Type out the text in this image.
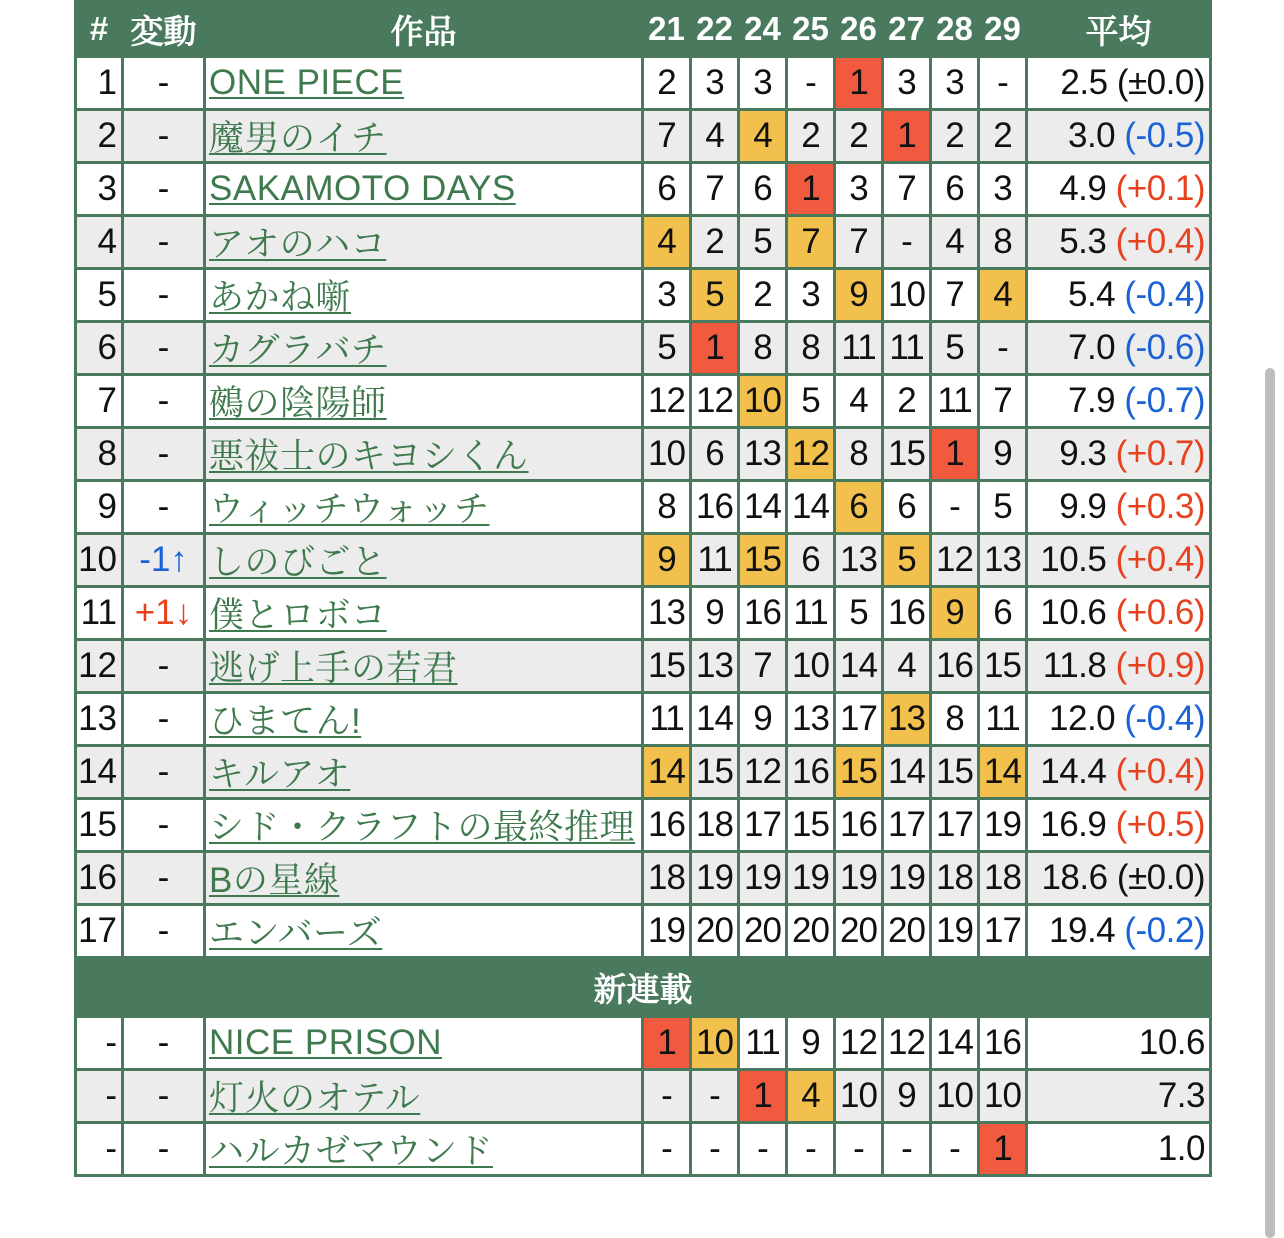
#	変動	作品	21	22	24	25	26	27	28	29	平均
1	-	ONE PIECE	2	3	3	-	1	3	3	-	2.5 (±0.0)
2	-	魔男のイチ	7	4	4	2	2	1	2	2	3.0 (-0.5)
3	-	SAKAMOTO DAYS	6	7	6	1	3	7	6	3	4.9 (+0.1)
4	-	アオのハコ	4	2	5	7	7	-	4	8	5.3 (+0.4)
5	-	あかね噺	3	5	2	3	9	10	7	4	5.4 (-0.4)
6	-	カグラバチ	5	1	8	8	11	11	5	-	7.0 (-0.6)
7	-	鵺の陰陽師	12	12	10	5	4	2	11	7	7.9 (-0.7)
8	-	悪祓士のキヨシくん	10	6	13	12	8	15	1	9	9.3 (+0.7)
9	-	ウィッチウォッチ	8	16	14	14	6	6	-	5	9.9 (+0.3)
10	-1↑	しのびごと	9	11	15	6	13	5	12	13	10.5 (+0.4)
11	+1↓	僕とロボコ	13	9	16	11	5	16	9	6	10.6 (+0.6)
12	-	逃げ上手の若君	15	13	7	10	14	4	16	15	11.8 (+0.9)
13	-	ひまてん!	11	14	9	13	17	13	8	11	12.0 (-0.4)
14	-	キルアオ	14	15	12	16	15	14	15	14	14.4 (+0.4)
15	-	シド・クラフトの最終推理	16	18	17	15	16	17	17	19	16.9 (+0.5)
16	-	Bの星線	18	19	19	19	19	19	18	18	18.6 (±0.0)
17	-	エンバーズ	19	20	20	20	20	20	19	17	19.4 (-0.2)
新連載											
-	-	NICE PRISON	1	10	11	9	12	12	14	16	10.6
-	-	灯火のオテル	-	-	1	4	10	9	10	10	7.3
-	-	ハルカゼマウンド	-	-	-	-	-	-	-	1	1.0
